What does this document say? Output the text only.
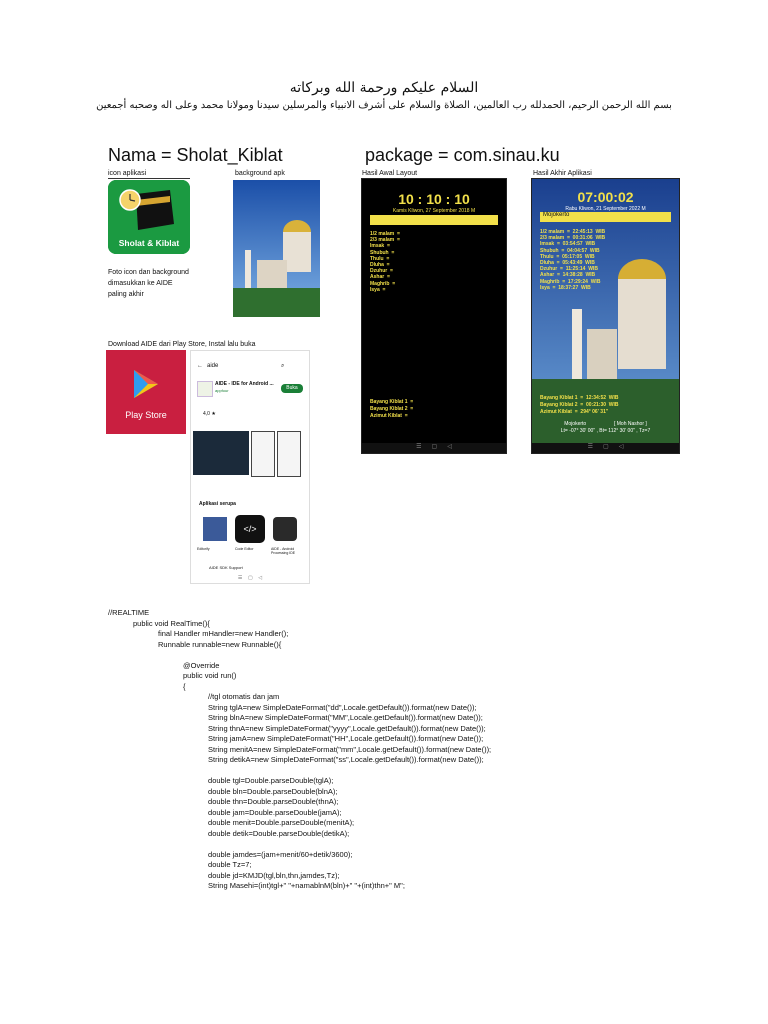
السلام عليكم ورحمة الله وبركاته
بسم الله الرحمن الرحيم، الحمدلله رب العالمين، الصلاة والسلام على أشرف الانبياء والمرسلين سيدنا ومولانا محمد وعلى اله وصحبه أجمعين
Nama = Sholat_Kiblat	package = com.sinau.ku
icon aplikasi	background apk	Hasil Awal Layout	Hasil Akhir Aplikasi
Sholat & Kiblat
Foto icon dan background
dimasukkan ke AIDE
paling akhir
10 : 10 : 10
Kamis Kliwon, 27 September 2018 M
1/2 malam  =
2/3 malam  =
Imsak  =
Shubuh  =
Thulu  =
Dluha  =
Dzuhur  =
Ashar  =
Maghrib  =
Isya  =
Bayang Kiblat 1  =
Bayang Kiblat 2  =
Azimut Kiblat  =
☰      ▢      ◁
07:00:02
Rabu Kliwon, 21 September 2022 M
Mojokerto
1/2 malam  =  22:45:13  WIB
2/3 malam  =  00:31:06  WIB
Imsak  =  03:54:57  WIB
Shubuh  =  04:04:57  WIB
Thulu  =  05:17:05  WIB
Dluha  =  05:43:49  WIB
Dzuhur  =  11:25:14  WIB
Ashar  =  14:38:28  WIB
Maghrib  =  17:29:24  WIB
Isya  =  18:37:27  WIB
Bayang Kiblat 1  =  12:34:52  WIB
Bayang Kiblat 2  =  00:21:30  WIB
Azimut Kiblat  =  294° 06' 31"
Mojokerto                    [ Moh Nashor ]
Lt= -07° 30' 00" , Bt= 112° 30' 00" , Tz=7
☰      ▢      ◁
Download AIDE dari Play Store, Instal lalu buka
Play Store
← aide	⌕
AIDE - IDE for Android ...
appfour	Buka
4,0 ★
Aplikasi serupa
</>
Editorify	Code Editor	AIDE - Android Processing IDE
AIDE SDK Support
☰    ▢    ◁
//REALTIME
public void RealTime(){
final Handler mHandler=new Handler();
Runnable runnable=new Runnable(){
@Override
public void run()
{
//tgl otomatis dan jam
String tglA=new SimpleDateFormat("dd",Locale.getDefault()).format(new Date());
String blnA=new SimpleDateFormat("MM",Locale.getDefault()).format(new Date());
String thnA=new SimpleDateFormat("yyyy",Locale.getDefault()).format(new Date());
String jamA=new SimpleDateFormat("HH",Locale.getDefault()).format(new Date());
String menitA=new SimpleDateFormat("mm",Locale.getDefault()).format(new Date());
String detikA=new SimpleDateFormat("ss",Locale.getDefault()).format(new Date());
double tgl=Double.parseDouble(tglA);
double bln=Double.parseDouble(blnA);
double thn=Double.parseDouble(thnA);
double jam=Double.parseDouble(jamA);
double menit=Double.parseDouble(menitA);
double detik=Double.parseDouble(detikA);
double jamdes=(jam+menit/60+detik/3600);
double Tz=7;
double jd=KMJD(tgl,bln,thn,jamdes,Tz);
String Masehi=(int)tgl+" "+namablnM(bln)+" "+(int)thn+" M";
